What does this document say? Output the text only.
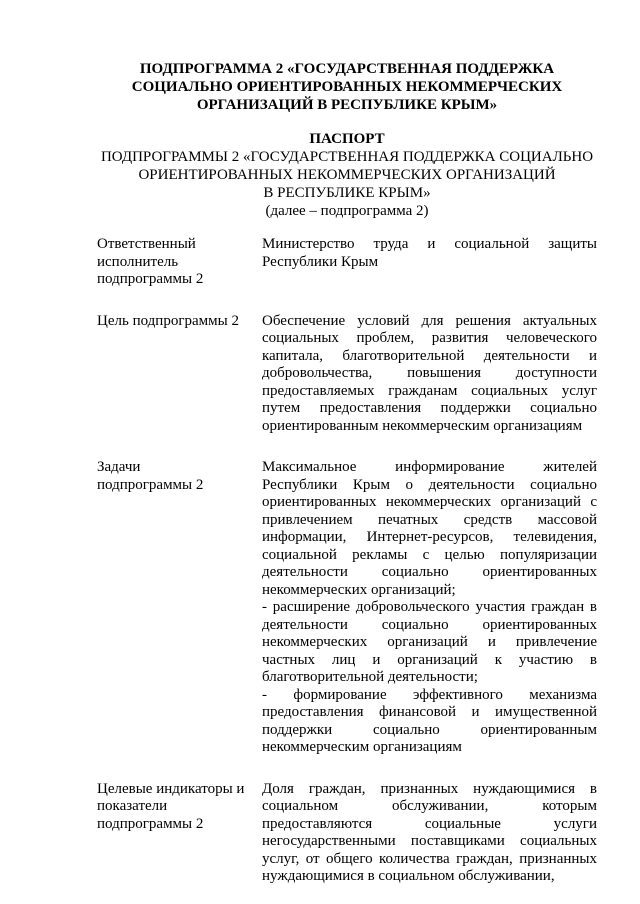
ПОДПРОГРАММА 2 «ГОСУДАРСТВЕННАЯ ПОДДЕРЖКА СОЦИАЛЬНО ОРИЕНТИРОВАННЫХ НЕКОММЕРЧЕСКИХ ОРГАНИЗАЦИЙ В РЕСПУБЛИКЕ КРЫМ»
ПАСПОРТ
ПОДПРОГРАММЫ 2 «ГОСУДАРСТВЕННАЯ ПОДДЕРЖКА СОЦИАЛЬНО
ОРИЕНТИРОВАННЫХ НЕКОММЕРЧЕСКИХ ОРГАНИЗАЦИЙ
В РЕСПУБЛИКЕ КРЫМ»
(далее – подпрограмма 2)
Ответственный
исполнитель
подпрограммы 2

Министерство труда и социальной защиты Республики Крым

Цель подпрограммы 2	Обеспечение условий для решения актуальных социальных проблем, развития человеческого капитала, благотворительной деятельности и добровольчества, повышения доступности предоставляемых гражданам социальных услуг путем предоставления поддержки социально ориентированным некоммерческим организациям

Задачи
подпрограммы 2

Максимальное информирование жителей Республики Крым о деятельности социально ориентированных некоммерческих организаций с привлечением печатных средств массовой информации, Интернет-ресурсов, телевидения, социальной рекламы с целью популяризации деятельности социально ориентированных некоммерческих организаций;

- расширение добровольческого участия граждан в деятельности социально ориентированных некоммерческих организаций и привлечение частных лиц и организаций к участию в благотворительной деятельности;

- формирование эффективного механизма предоставления финансовой и имущественной поддержки социально ориентированным некоммерческим организациям

Целевые индикаторы и
показатели
подпрограммы 2

Доля граждан, признанных нуждающимися в социальном обслуживании, которым предоставляются социальные услуги негосударственными поставщиками социальных услуг, от общего количества граждан, признанных нуждающимися в социальном обслуживании,
